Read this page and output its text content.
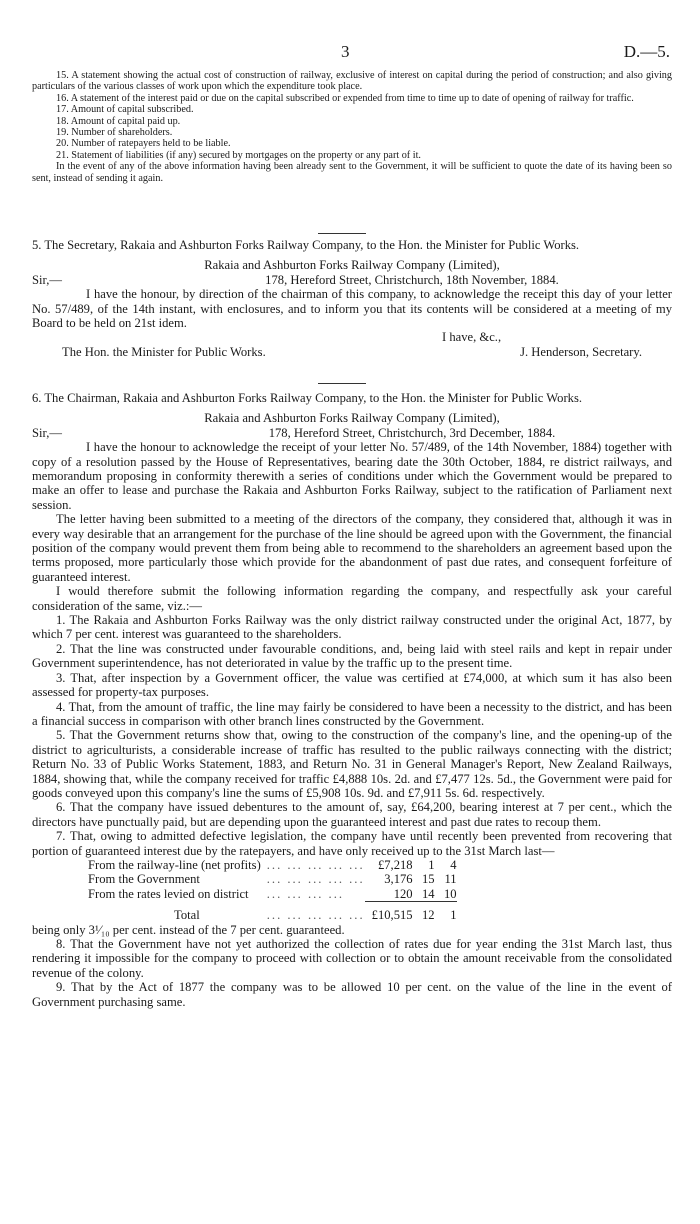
3	D.—5.

15. A statement showing the actual cost of construction of railway, exclusive of interest on capital during the period of construction; and also giving particulars of the various classes of work upon which the expenditure took place.

16. A statement of the interest paid or due on the capital subscribed or expended from time to time up to date of opening of railway for traffic.

17. Amount of capital subscribed.

18. Amount of capital paid up.

19. Number of shareholders.

20. Number of ratepayers held to be liable.

21. Statement of liabilities (if any) secured by mortgages on the property or any part of it.

In the event of any of the above information having been already sent to the Government, it will be sufficient to quote the date of its having been so sent, instead of sending it again.

5. The Secretary, Rakaia and Ashburton Forks Railway Company, to the Hon. the Minister for Public Works.

Rakaia and Ashburton Forks Railway Company (Limited),

Sir,—	178, Hereford Street, Christchurch, 18th November, 1884.

I have the honour, by direction of the chairman of this company, to acknowledge the receipt this day of your letter No. 57/489, of the 14th instant, with enclosures, and to inform you that its contents will be considered at a meeting of my Board to be held on 21st idem.

I have, &c.,
The Hon. the Minister for Public Works.	J. Henderson, Secretary.

6. The Chairman, Rakaia and Ashburton Forks Railway Company, to the Hon. the Minister for Public Works.

Rakaia and Ashburton Forks Railway Company (Limited),

Sir,—	178, Hereford Street, Christchurch, 3rd December, 1884.

I have the honour to acknowledge the receipt of your letter No. 57/489, of the 14th November, 1884) together with copy of a resolution passed by the House of Representatives, bearing date the 30th October, 1884, re district railways, and memorandum proposing in conformity therewith a series of conditions under which the Government would be prepared to make an offer to lease and purchase the Rakaia and Ashburton Forks Railway, subject to the ratification of Parliament next session.

The letter having been submitted to a meeting of the directors of the company, they considered that, although it was in every way desirable that an arrangement for the purchase of the line should be agreed upon with the Government, the financial position of the company would prevent them from being able to recommend to the shareholders an agreement based upon the terms proposed, more particularly those which provide for the abandonment of past due rates, and consequent forfeiture of guaranteed interest.

I would therefore submit the following information regarding the company, and respectfully ask your careful consideration of the same, viz.:—

1. The Rakaia and Ashburton Forks Railway was the only district railway constructed under the original Act, 1877, by which 7 per cent. interest was guaranteed to the shareholders.

2. That the line was constructed under favourable conditions, and, being laid with steel rails and kept in repair under Government superintendence, has not deteriorated in value by the traffic up to the present time.

3. That, after inspection by a Government officer, the value was certified at £74,000, at which sum it has also been assessed for property-tax purposes.

4. That, from the amount of traffic, the line may fairly be considered to have been a necessity to the district, and has been a financial success in comparison with other branch lines constructed by the Government.

5. That the Government returns show that, owing to the construction of the company's line, and the opening-up of the district to agriculturists, a considerable increase of traffic has resulted to the public railways connecting with the district; Return No. 33 of Public Works Statement, 1883, and Return No. 31 in General Manager's Report, New Zealand Railways, 1884, showing that, while the company received for traffic £4,888 10s. 2d. and £7,477 12s. 5d., the Government were paid for goods conveyed upon this company's line the sums of £5,908 10s. 9d. and £7,911 5s. 6d. respectively.

6. That the company have issued debentures to the amount of, say, £64,200, bearing interest at 7 per cent., which the directors have punctually paid, but are depending upon the guaranteed interest and past due rates to recoup them.

7. That, owing to admitted defective legislation, the company have until recently been prevented from recovering that portion of guaranteed interest due by the ratepayers, and have only received up to the 31st March last—

From the railway-line (net profits)	... ... ... ... ...	£7,218	1	4
From the Government	... ... ... ... ...	3,176	15	11
From the rates levied on district	... ... ... ...	120	14	10
Total	... ... ... ... ...	£10,515	12	1

being only 3¹⁄₁₀ per cent. instead of the 7 per cent. guaranteed.

8. That the Government have not yet authorized the collection of rates due for year ending the 31st March last, thus rendering it impossible for the company to proceed with collection or to obtain the amount receivable from the consolidated revenue of the colony.

9. That by the Act of 1877 the company was to be allowed 10 per cent. on the value of the line in the event of Government purchasing same.
